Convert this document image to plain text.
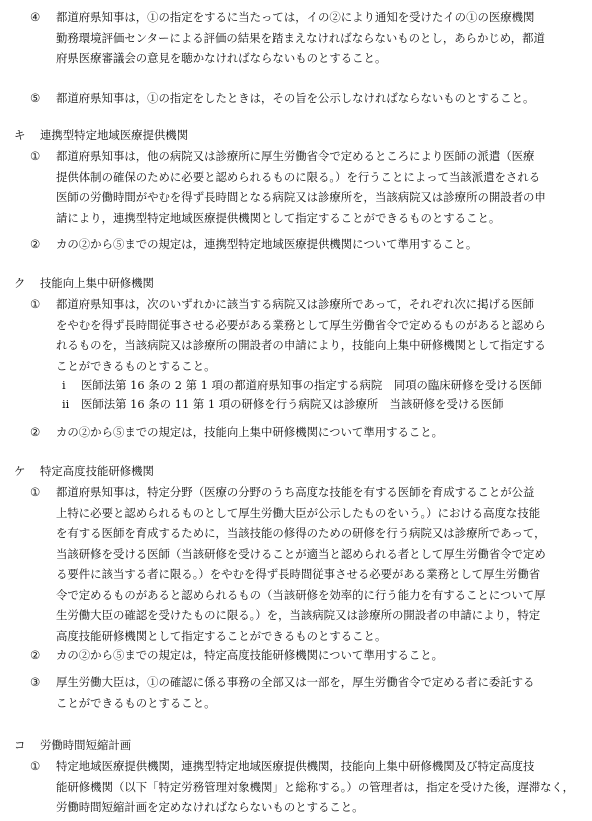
④ 都道府県知事は，①の指定をするに当たっては，イの②により通知を受けたイの①の医療機関
勤務環境評価センターによる評価の結果を踏まえなければならないものとし，あらかじめ，都道
府県医療審議会の意見を聴かなければならないものとすること。
⑤ 都道府県知事は，①の指定をしたときは，その旨を公示しなければならないものとすること。
キ 連携型特定地域医療提供機関
① 都道府県知事は，他の病院又は診療所に厚生労働省令で定めるところにより医師の派遣（医療
提供体制の確保のために必要と認められるものに限る。）を行うことによって当該派遣をされる
医師の労働時間がやむを得ず長時間となる病院又は診療所を，当該病院又は診療所の開設者の申
請により，連携型特定地域医療提供機関として指定することができるものとすること。
② カの②から⑤までの規定は，連携型特定地域医療提供機関について準用すること。
ク 技能向上集中研修機関
① 都道府県知事は，次のいずれかに該当する病院又は診療所であって，それぞれ次に掲げる医師
をやむを得ず長時間従事させる必要がある業務として厚生労働省令で定めるものがあると認めら
れるものを，当該病院又は診療所の開設者の申請により，技能向上集中研修機関として指定する
ことができるものとすること。
i 医師法第 16 条の 2 第 1 項の都道府県知事の指定する病院　同項の臨床研修を受ける医師
ii 医師法第 16 条の 11 第 1 項の研修を行う病院又は診療所　当該研修を受ける医師
② カの②から⑤までの規定は，技能向上集中研修機関について準用すること。
ケ 特定高度技能研修機関
① 都道府県知事は，特定分野（医療の分野のうち高度な技能を有する医師を育成することが公益
上特に必要と認められるものとして厚生労働大臣が公示したものをいう。）における高度な技能
を有する医師を育成するために，当該技能の修得のための研修を行う病院又は診療所であって，
当該研修を受ける医師（当該研修を受けることが適当と認められる者として厚生労働省令で定め
る要件に該当する者に限る。）をやむを得ず長時間従事させる必要がある業務として厚生労働省
令で定めるものがあると認められるもの（当該研修を効率的に行う能力を有することについて厚
生労働大臣の確認を受けたものに限る。）を，当該病院又は診療所の開設者の申請により，特定
高度技能研修機関として指定することができるものとすること。
② カの②から⑤までの規定は，特定高度技能研修機関について準用すること。
③ 厚生労働大臣は，①の確認に係る事務の全部又は一部を，厚生労働省令で定める者に委託する
ことができるものとすること。
コ 労働時間短縮計画
① 特定地域医療提供機関，連携型特定地域医療提供機関，技能向上集中研修機関及び特定高度技
能研修機関（以下「特定労務管理対象機関」と総称する。）の管理者は，指定を受けた後，遅滞なく，
労働時間短縮計画を定めなければならないものとすること。
